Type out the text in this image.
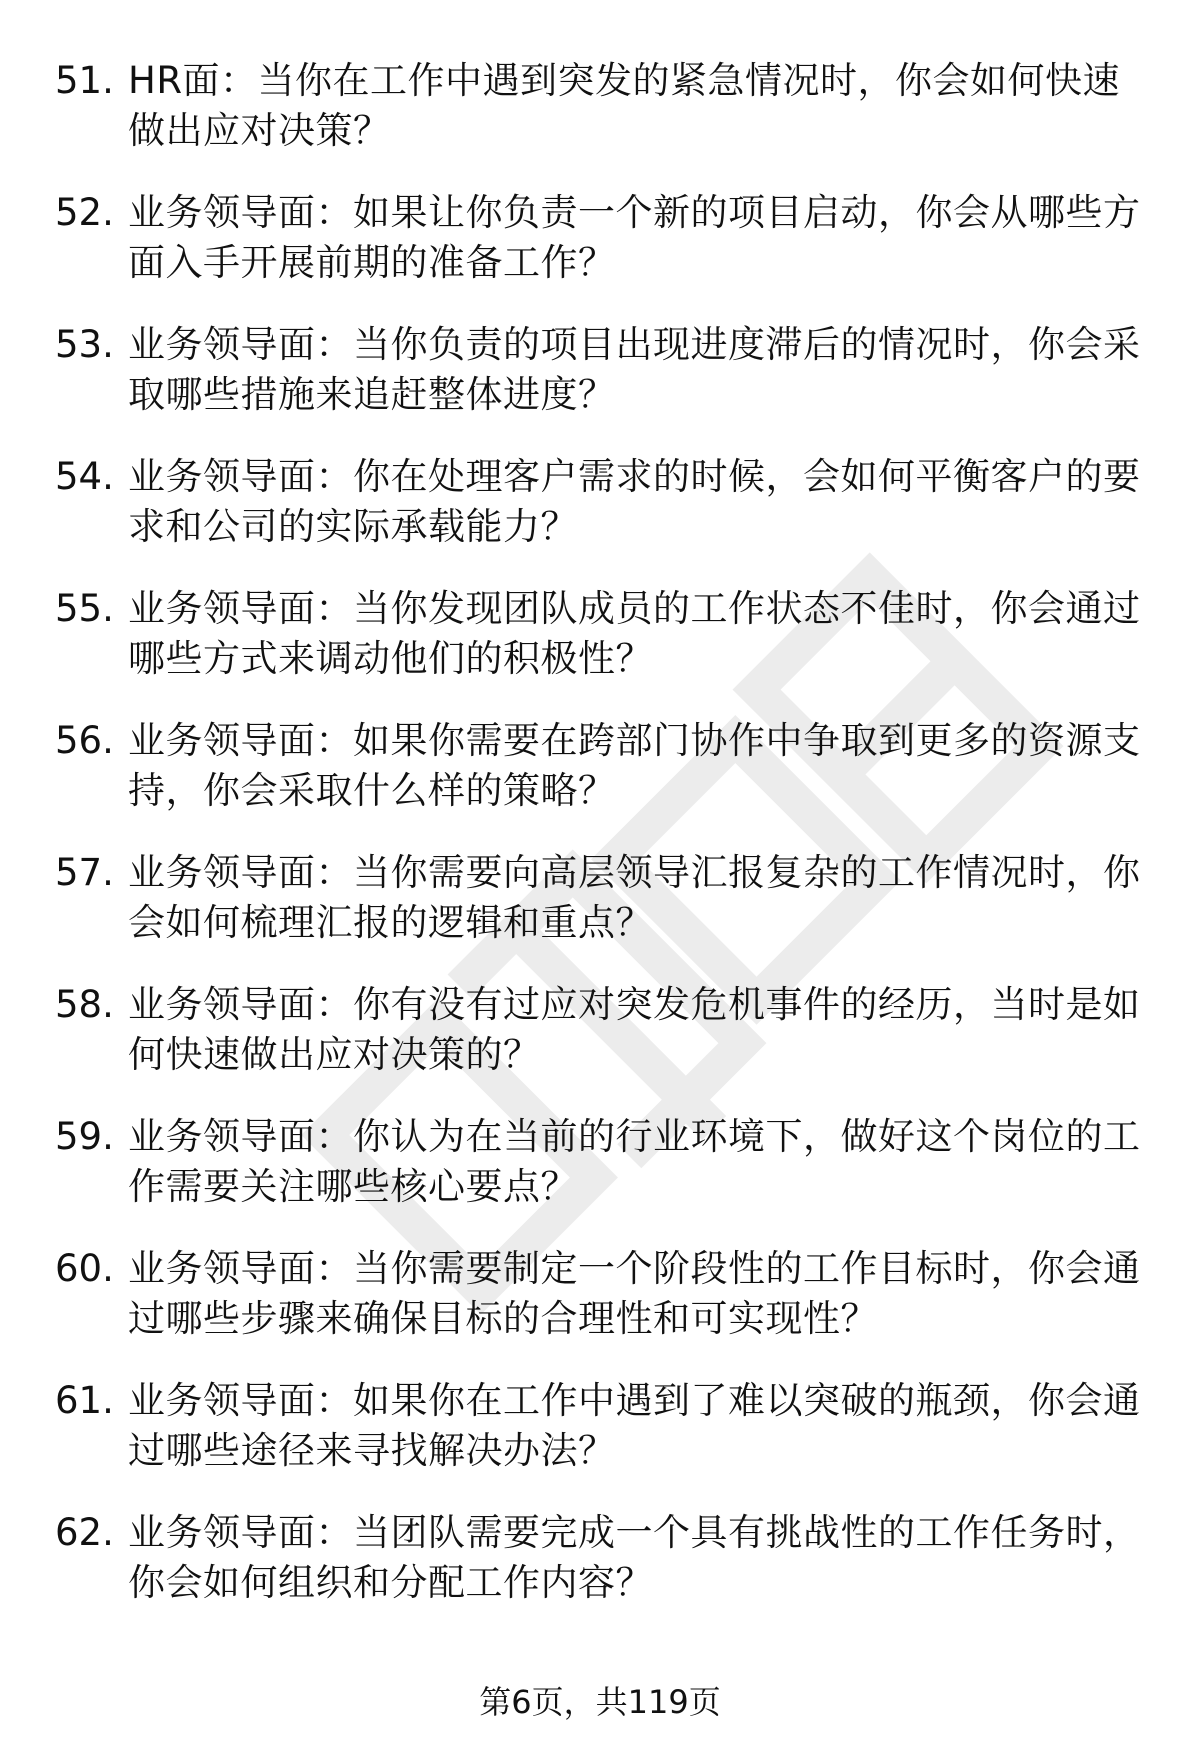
51. HR面：当你在工作中遇到突发的紧急情况时，你会如何快速做出应对决策？
52. 业务领导面：如果让你负责一个新的项目启动，你会从哪些方面入手开展前期的准备工作？
53. 业务领导面：当你负责的项目出现进度滞后的情况时，你会采取哪些措施来追赶整体进度？
54. 业务领导面：你在处理客户需求的时候，会如何平衡客户的要求和公司的实际承载能力？
55. 业务领导面：当你发现团队成员的工作状态不佳时，你会通过哪些方式来调动他们的积极性？
56. 业务领导面：如果你需要在跨部门协作中争取到更多的资源支持，你会采取什么样的策略？
57. 业务领导面：当你需要向高层领导汇报复杂的工作情况时，你会如何梳理汇报的逻辑和重点？
58. 业务领导面：你有没有过应对突发危机事件的经历，当时是如何快速做出应对决策的？
59. 业务领导面：你认为在当前的行业环境下，做好这个岗位的工作需要关注哪些核心要点？
60. 业务领导面：当你需要制定一个阶段性的工作目标时，你会通过哪些步骤来确保目标的合理性和可实现性？
61. 业务领导面：如果你在工作中遇到了难以突破的瓶颈，你会通过哪些途径来寻找解决办法？
62. 业务领导面：当团队需要完成一个具有挑战性的工作任务时，你会如何组织和分配工作内容？
第6页，共119页
